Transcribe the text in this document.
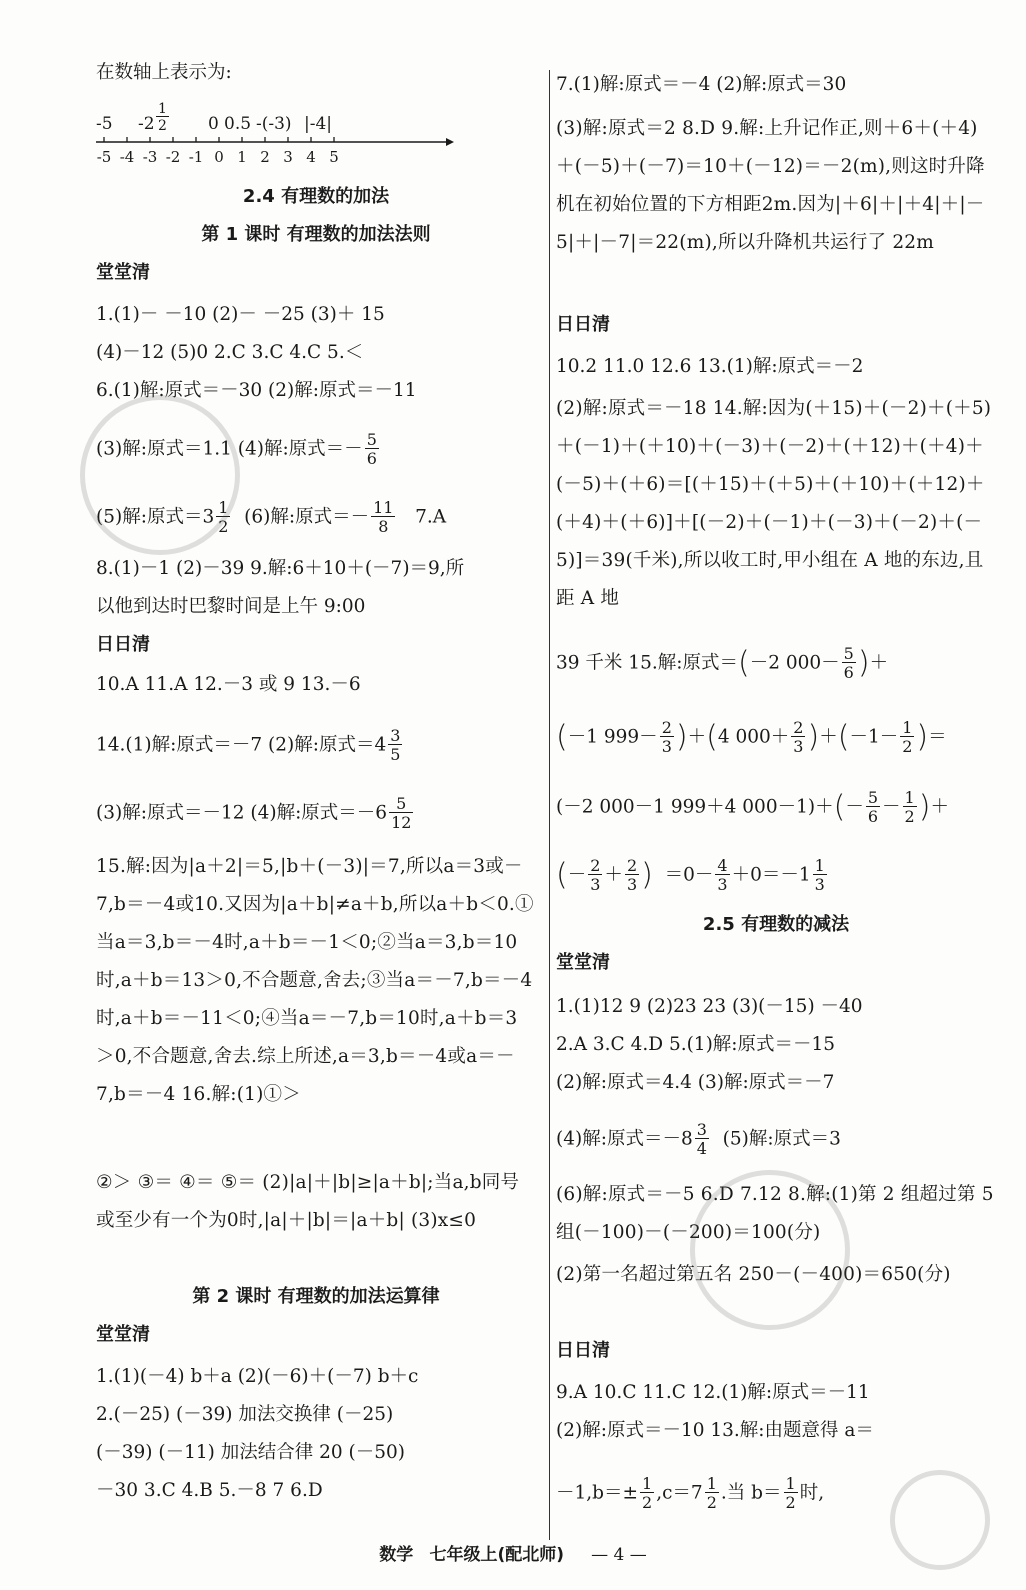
在数轴上表示为:
-5 $-2 \frac{1}{2} 0$ 0.5 -(-3) |-4|
-5 -4 -3 -2 -1 0 1 2 3 4 5
2.4 有理数的加法
第 1 课时 有理数的加法法则
堂堂清
1.(1)－ －10 (2)－ －25 (3)＋ 15
(4)－12 (5)0 2.C 3.C 4.C 5.＜
6.(1)解:原式＝－30 (2)解:原式＝－11
(3)解:原式＝1.1 (4)解:原式＝－ $\frac{5}{6}$
(5)解:原式$=3 \frac{1}{2} (6)$解:原式＝－ $\frac{11}{8} 7.A$
8.(1)－1 (2)－39 9.解:6＋10＋(－7)＝9,所
以他到达时巴黎时间是上午 9:00
日日清
10.A 11.A 12.－3 或 9 13.－6
14.(1)解:原式＝－7 (2)解:原式$=4 \frac{3}{5}$
(3)解:原式＝－12 (4)解:原式$=-6 \frac{5}{12}$
15.解:因为|a＋2|＝5,|b＋(－3)|＝7,所以a＝3或－7,b＝－4或10.又因为|a＋b|≠a＋b,所以a＋b＜0.①当a＝3,b＝－4时,a＋b＝－1＜0;②当a＝3,b＝10时,a＋b＝13＞0,不合题意,舍去;③当a＝－7,b＝－4时,a＋b＝－11＜0;④当a＝－7,b＝10时,a＋b＝3＞0,不合题意,舍去.综上所述,a＝3,b＝－4或a＝－7,b＝－4 16.解:(1)①＞
②＞ ③＝ ④＝ ⑤＝ (2)|a|＋|b|≥|a＋b|;当a,b同号或至少有一个为0时,|a|＋|b|＝|a＋b| (3)x≤0
第 2 课时 有理数的加法运算律
堂堂清
1.(1)(－4) b＋a (2)(－6)＋(－7) b＋c
2.(－25) (－39) 加法交换律 (－25)
(－39) (－11) 加法结合律 20 (－50)
－30 3.C 4.B 5.－8 7 6.D
7.(1)解:原式＝－4 (2)解:原式＝30
(3)解:原式＝2 8.D 9.解:上升记作正,则＋6＋(＋4)＋(－5)＋(－7)＝10＋(－12)＝－2(m),则这时升降机在初始位置的下方相距2m.因为|＋6|＋|＋4|＋|－5|＋|－7|＝22(m),所以升降机共运行了 22m
日日清
10.2 11.0 12.6 13.(1)解:原式＝－2
(2)解:原式＝－18 14.解:因为(＋15)＋(－2)＋(＋5)＋(－1)＋(＋10)＋(－3)＋(－2)＋(＋12)＋(＋4)＋(－5)＋(＋6)＝[(＋15)＋(＋5)＋(＋10)＋(＋12)＋(＋4)＋(＋6)]＋[(－2)＋(－1)＋(－3)＋(－2)＋(－5)]＝39(千米),所以收工时,甲小组在 A 地的东边,且距 A 地
39 千米 15.解:原式＝(－2 $000- \frac{5}{6}$ )＋
(－1 $999- \frac{2}{3} )+(4$ $000+ \frac{2}{3} )+(-1- \frac{1}{2}$ )＝
(－2 000－1 999＋4 $000-1)+(- \frac{5}{6} - \frac{1}{2}$ )＋
(－ $\frac{2}{3} + \frac{2}{3}$ ) $=0- \frac{4}{3} +0=-1 \frac{1}{3}$
2.5 有理数的减法
堂堂清
1.(1)12 9 (2)23 23 (3)(－15) －40
2.A 3.C 4.D 5.(1)解:原式＝－15
(2)解:原式＝4.4 (3)解:原式＝－7
(4)解:原式$=-8 \frac{3}{4} (5)$解:原式＝3
(6)解:原式＝－5 6.D 7.12 8.解:(1)第 2 组超过第 5 组(－100)－(－200)＝100(分)
(2)第一名超过第五名 250－(－400)＝650(分)
日日清
9.A 10.C 11.C 12.(1)解:原式＝－11
(2)解:原式＝－10 13.解:由题意得 a＝
$-1,b=\pm \frac{1}{2} ,c=7 \frac{1}{2}$ .当 $b= \frac{1}{2}$ 时,
数学 七年级上(配北师) — 4 —
